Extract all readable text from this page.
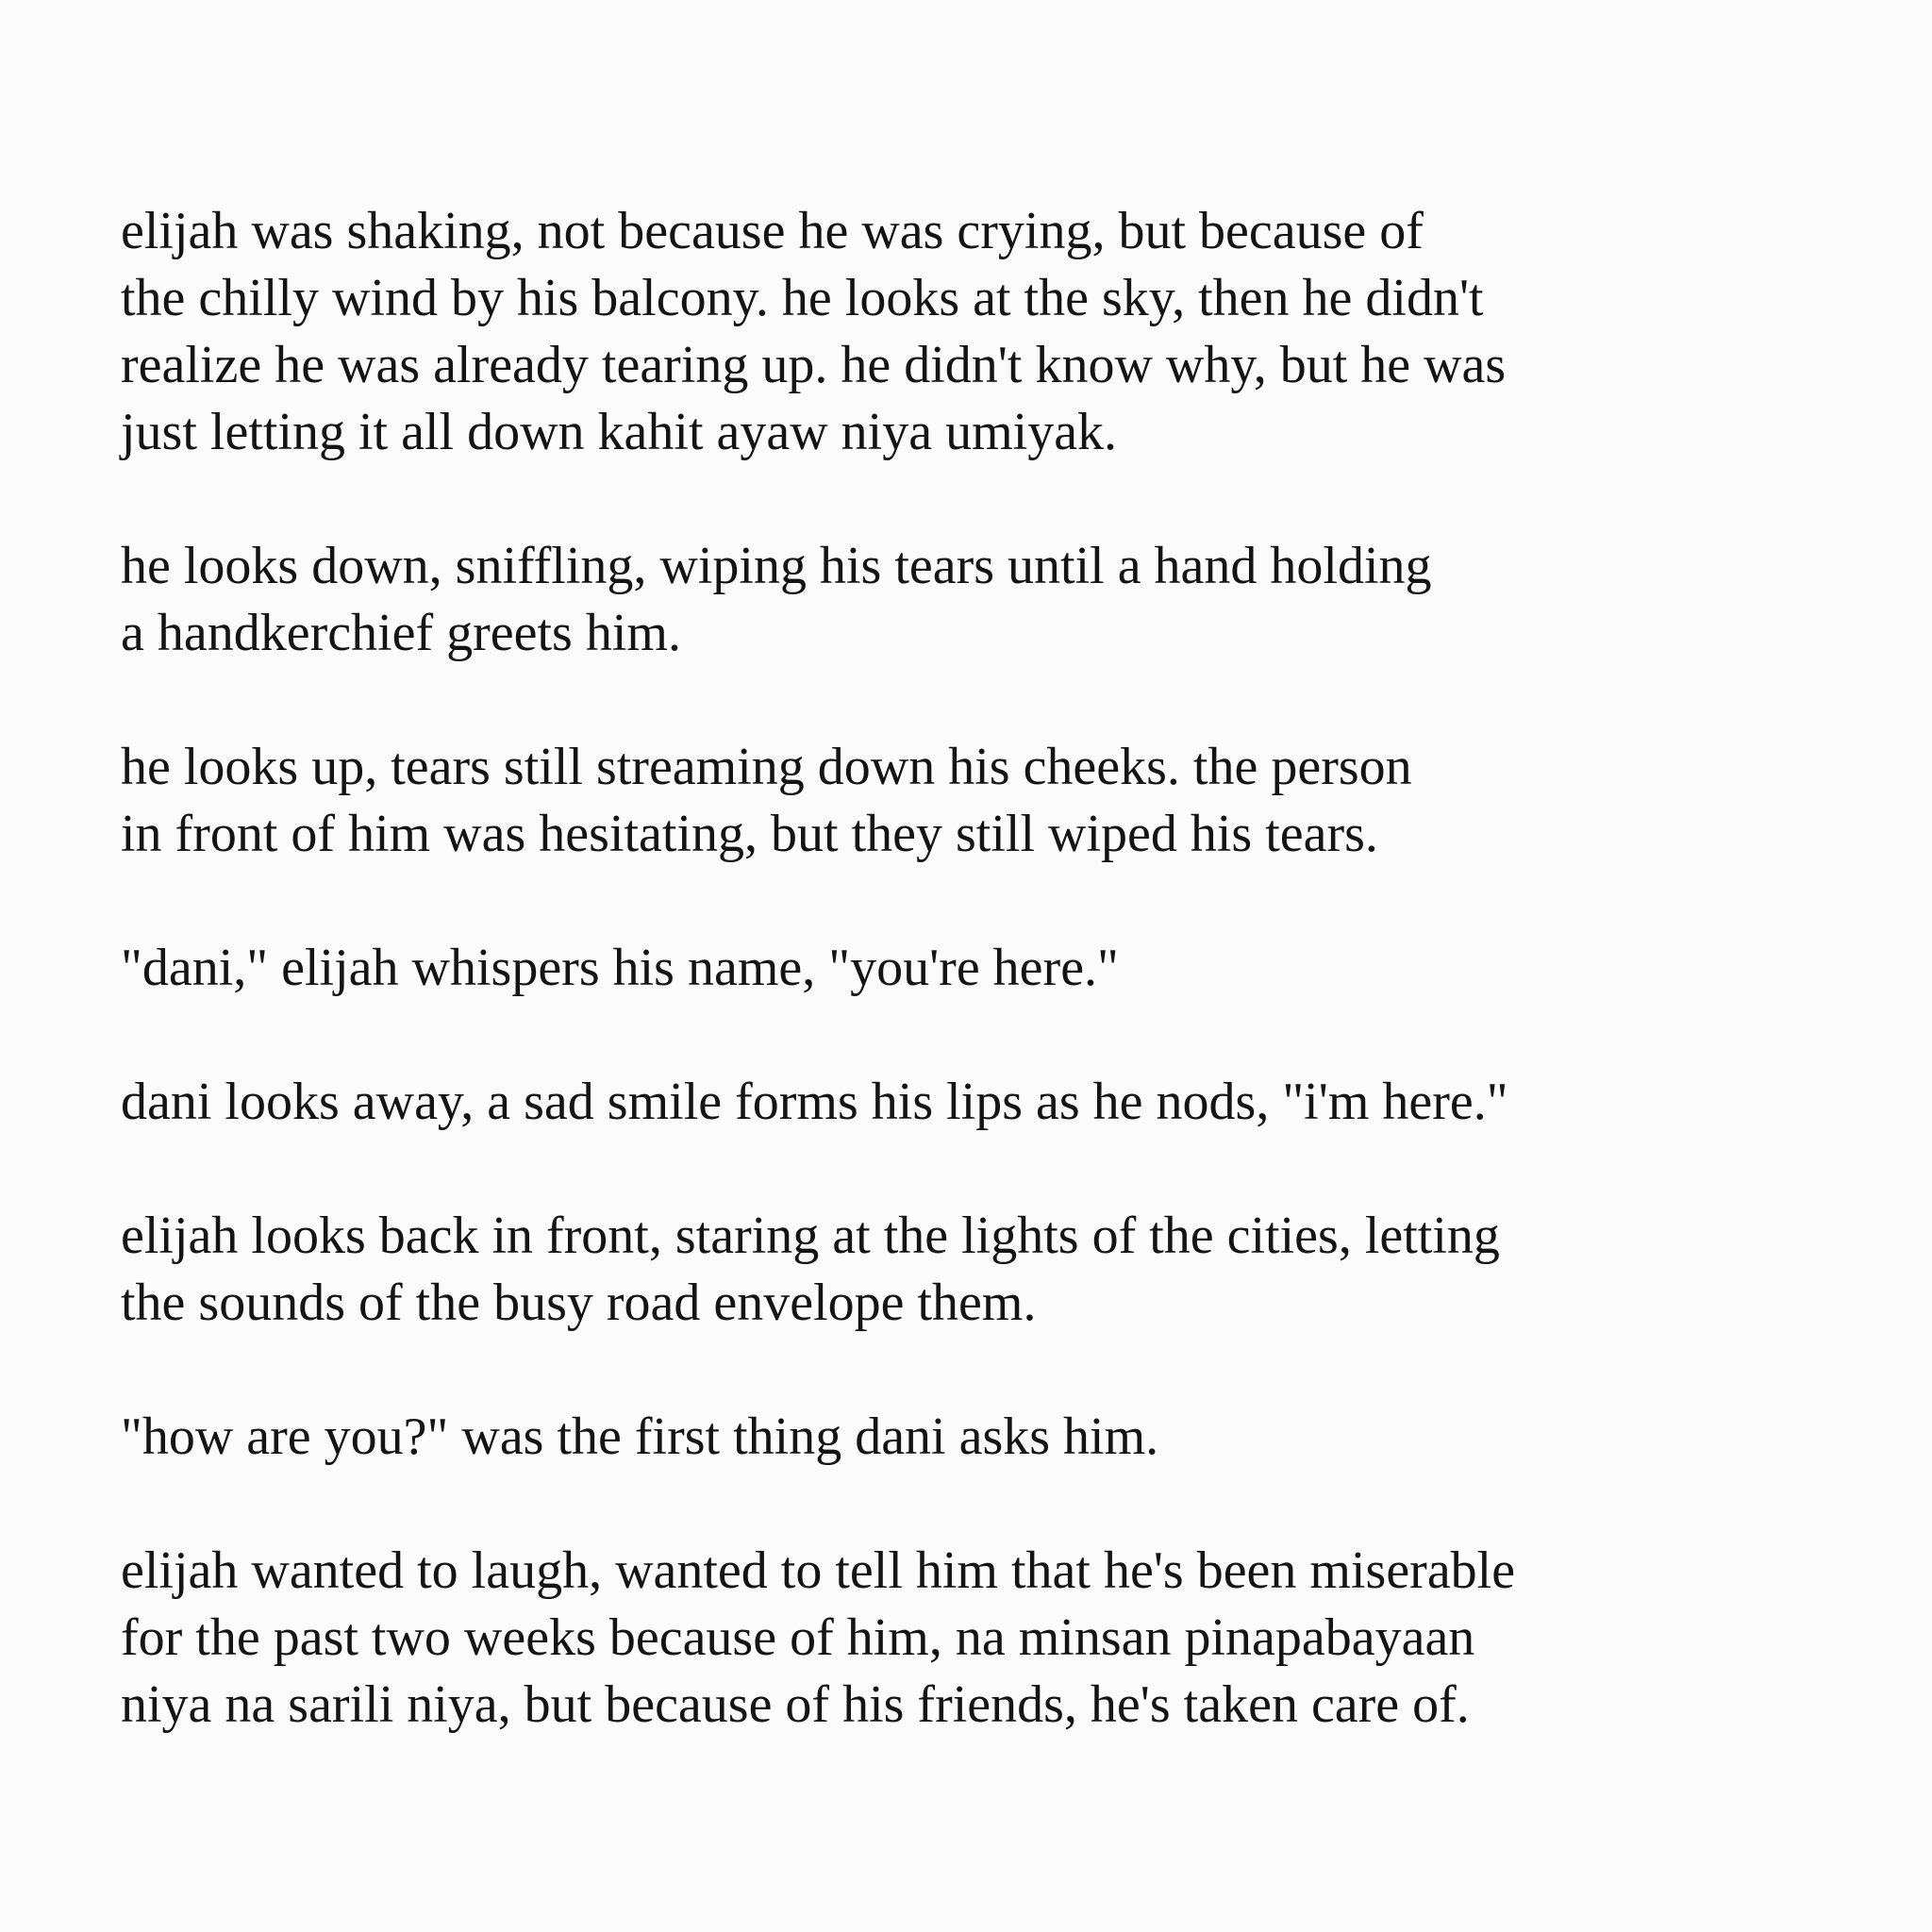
elijah was shaking, not because he was crying, but because of
the chilly wind by his balcony. he looks at the sky, then he didn't
realize he was already tearing up. he didn't know why, but he was
just letting it all down kahit ayaw niya umiyak.

he looks down, sniffling, wiping his tears until a hand holding
a handkerchief greets him.

he looks up, tears still streaming down his cheeks. the person
in front of him was hesitating, but they still wiped his tears.

"dani," elijah whispers his name, "you're here."

dani looks away, a sad smile forms his lips as he nods, "i'm here."

elijah looks back in front, staring at the lights of the cities, letting
the sounds of the busy road envelope them.

"how are you?" was the first thing dani asks him.

elijah wanted to laugh, wanted to tell him that he's been miserable
for the past two weeks because of him, na minsan pinapabayaan
niya na sarili niya, but because of his friends, he's taken care of.
